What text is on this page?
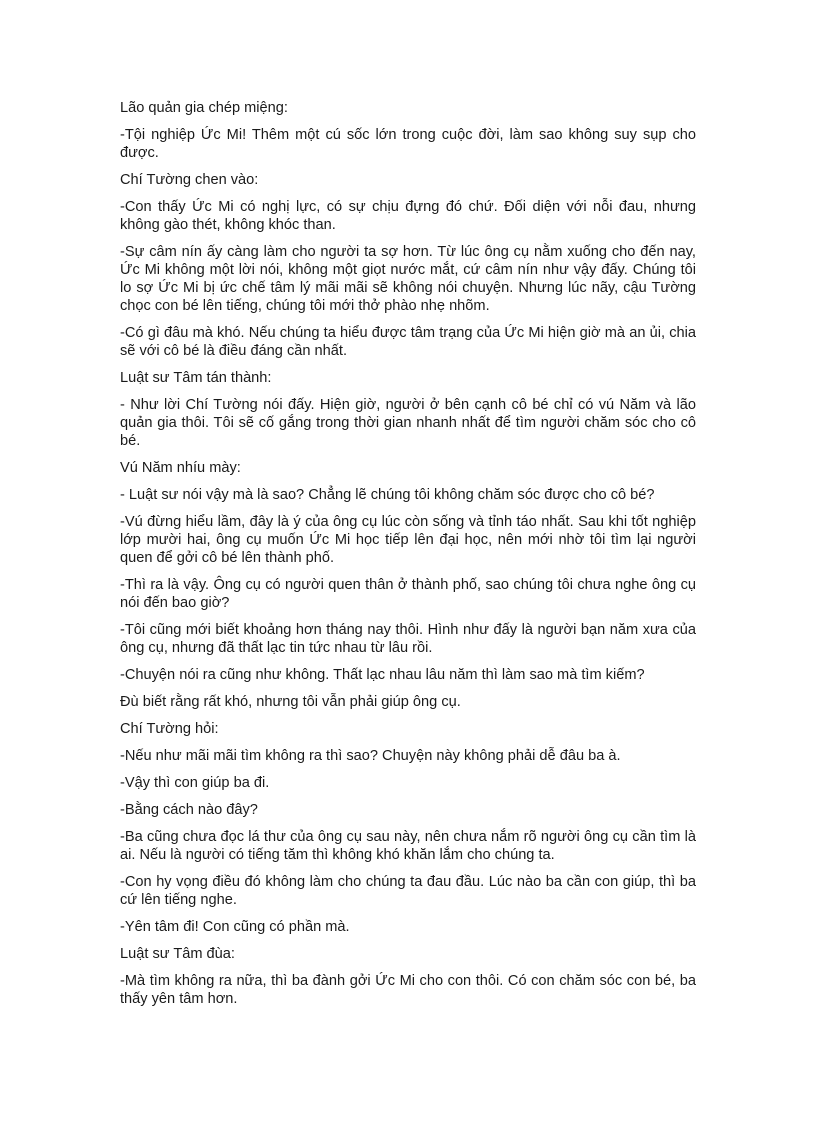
Lão quản gia chép miệng:

-Tội nghiệp Ức Mi! Thêm một cú sốc lớn trong cuộc đời, làm sao không suy sụp cho được.

Chí Tường chen vào:

-Con thấy Ức Mi có nghị lực, có sự chịu đựng đó chứ. Đối diện với nỗi đau, nhưng không gào thét, không khóc than.

-Sự câm nín ấy càng làm cho người ta sợ hơn. Từ lúc ông cụ nằm xuống cho đến nay, Ức Mi không một lời nói, không một giọt nước mắt, cứ câm nín như vậy đấy. Chúng tôi lo sợ Ức Mi bị ức chế tâm lý mãi mãi sẽ không nói chuyện. Nhưng lúc nãy, cậu Tường chọc con bé lên tiếng, chúng tôi mới thở phào nhẹ nhõm.

-Có gì đâu mà khó. Nếu chúng ta hiểu được tâm trạng của Ức Mi hiện giờ mà an ủi, chia sẽ với cô bé là điều đáng cần nhất.

Luật sư Tâm tán thành:

- Như lời Chí Tường nói đấy. Hiện giờ, người ở bên cạnh cô bé chỉ có vú Năm và lão quản gia thôi. Tôi sẽ cố gắng trong thời gian nhanh nhất để tìm người chăm sóc cho cô bé.

Vú Năm nhíu mày:

- Luật sư nói vậy mà là sao? Chẳng lẽ chúng tôi không chăm sóc được cho cô bé?

-Vú đừng hiểu lầm, đây là ý của ông cụ lúc còn sống và tỉnh táo nhất. Sau khi tốt nghiệp lớp mười hai, ông cụ muốn Ức Mi học tiếp lên đại học, nên mới nhờ tôi tìm lại người quen để gởi cô bé lên thành phố.

-Thì ra là vậy. Ông cụ có người quen thân ở thành phố, sao chúng tôi chưa nghe ông cụ nói đến bao giờ?

-Tôi cũng mới biết khoảng hơn tháng nay thôi. Hình như đấy là người bạn năm xưa của ông cụ, nhưng đã thất lạc tin tức nhau từ lâu rồi.

-Chuyện nói ra cũng như không. Thất lạc nhau lâu năm thì làm sao mà tìm kiếm?

Đù biết rằng rất khó, nhưng tôi vẫn phải giúp ông cụ.

Chí Tường hỏi:

-Nếu như mãi mãi tìm không ra thì sao? Chuyện này không phải dễ đâu ba à.

-Vậy thì con giúp ba đi.

-Bằng cách nào đây?

-Ba cũng chưa đọc lá thư của ông cụ sau này, nên chưa nắm rõ người ông cụ cần tìm là ai. Nếu là người có tiếng tăm thì không khó khăn lắm cho chúng ta.

-Con hy vọng điều đó không làm cho chúng ta đau đầu. Lúc nào ba cần con giúp, thì ba cứ lên tiếng nghe.

-Yên tâm đi! Con cũng có phần mà.

Luật sư Tâm đùa:

-Mà tìm không ra nữa, thì ba đành gởi Ức Mi cho con thôi. Có con chăm sóc con bé, ba thấy yên tâm hơn.
